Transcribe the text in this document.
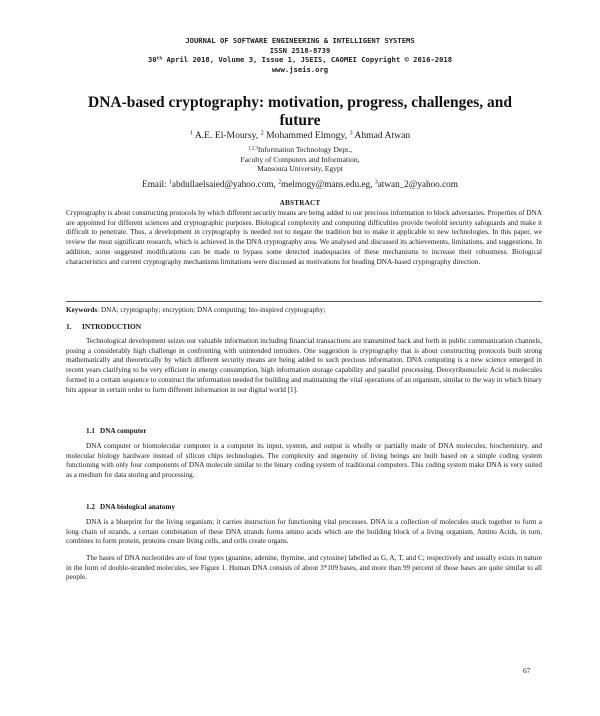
JOURNAL OF SOFTWARE ENGINEERING & INTELLIGENT SYSTEMS
ISSN 2518-8739
30th April 2018, Volume 3, Issue 1, JSEIS, CAOMEI Copyright © 2016-2018
www.jseis.org
DNA-based cryptography: motivation, progress, challenges, and future
$^1$ A.E. El-Moursy, $^2$ Mohammed Elmogy, $^3$ Ahmad Atwan
$^{1,2,3}$Information Technology Dept.,
Faculty of Computers and Information,
Mansoura University, Egypt
Email: $^1$abdullaelsaied@yahoo.com, $^2$melmogy@mans.edu.eg, $^3$atwan_2@yahoo.com
ABSTRACT

Cryptography is about constructing protocols by which different security means are being added to our precious information to block adversaries. Properties of DNA are appointed for different sciences and cryptographic purposes. Biological complexity and computing difficulties provide twofold security safeguards and make it difficult to penetrate. Thus, a development in cryptography is needed not to negate the tradition but to make it applicable to new technologies. In this paper, we review the most significant research, which is achieved in the DNA cryptography area. We analysed and discussed its achievements, limitations, and suggestions. In addition, some suggested modifications can be made to bypass some detected inadequacies of these mechanisms to increase their robustness. Biological characteristics and current cryptography mechanisms limitations were discussed as motivations for heading DNA-based cryptography direction.

Keywords: DNA; cryptography; encryption; DNA computing; bio-inspired cryptography;
1. INTRODUCTION

Technological development seizes our valuable information including financial transactions are transmitted back and forth in public communication channels, posing a considerably high challenge in confronting with unintended intruders. One suggestion is cryptography that is about constructing protocols built strong mathematically and theoretically by which different security means are being added to such precious information. DNA computing is a new science emerged in recent years clarifying to be very efficient in energy consumption, high information storage capability and parallel processing. Deoxyribonucleic Acid is molecules formed in a certain sequence to construct the information needed for building and maintaining the vital operations of an organism, similar to the way in which binary bits appear in certain order to form different information in our digital world [1].

1.1 DNA computer

DNA computer or biomolecular computer is a computer its input, system, and output is wholly or partially made of DNA molecules, biochemistry, and molecular biology hardware instead of silicon chips technologies. The complexity and ingenuity of living beings are built based on a simple coding system functioning with only four components of DNA molecule similar to the binary coding system of traditional computers. This coding system make DNA is very suited as a medium for data storing and processing.

1.2 DNA biological anatomy

DNA is a blueprint for the living organism; it carries instruction for functioning vital processes. DNA is a collection of molecules stuck together to form a long chain of strands, a certain combination of these DNA strands forms amino acids which are the building block of a living organism. Amino Acids, in turn, combines to form protein, proteins create living cells, and cells create organs.

The bases of DNA nucleotides are of four types (guanine, adenine, thymine, and cytosine) labelled as G, A, T, and C; respectively and usually exists in nature in the form of double-stranded molecules, see Figure 1. Human DNA consists of about 3*109 bases, and more than 99 percent of those bases are quite similar to all people.

67
